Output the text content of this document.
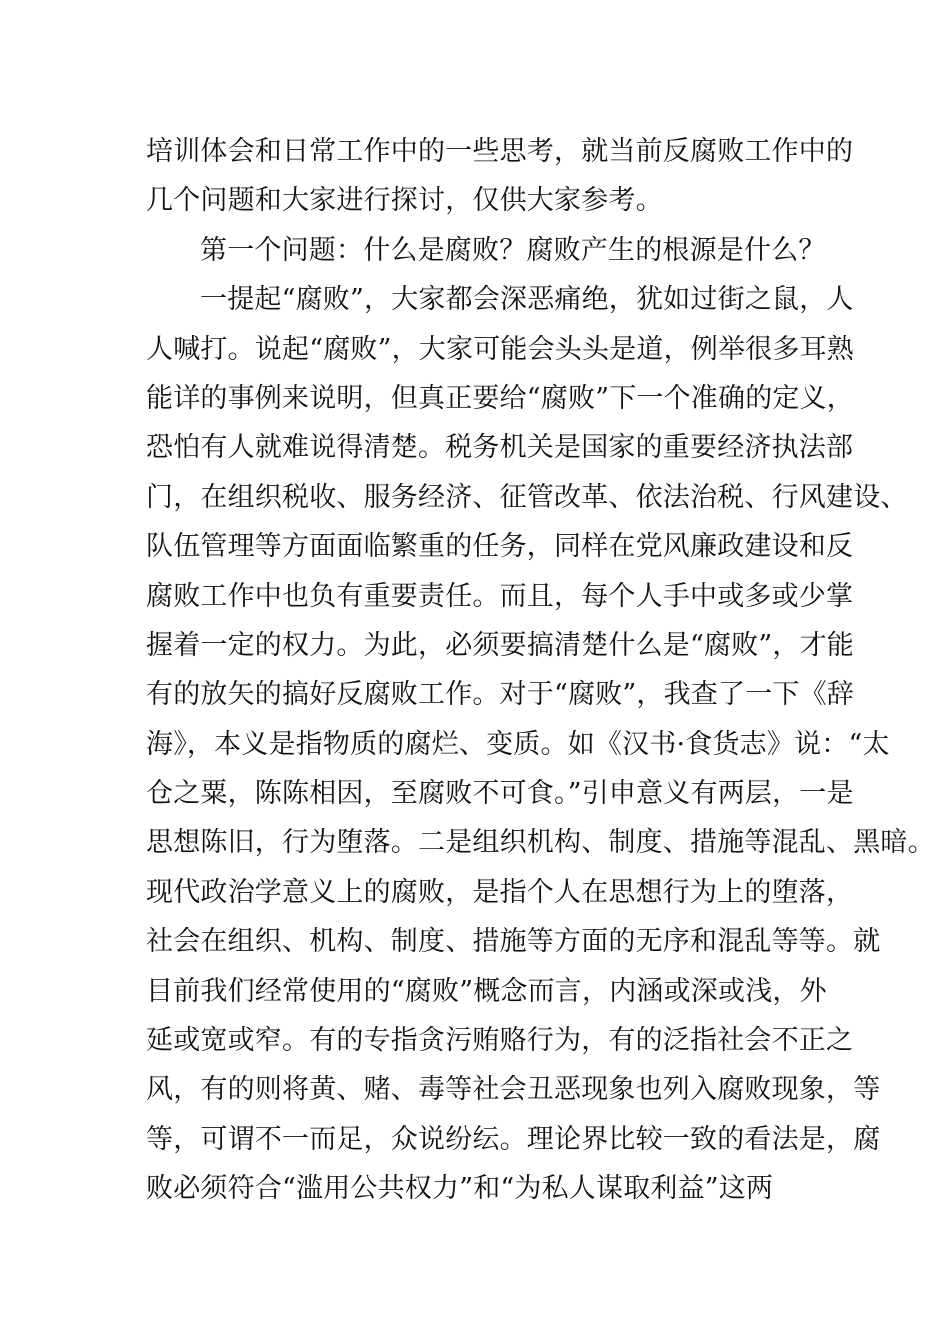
培训体会和日常工作中的一些思考，就当前反腐败工作中的
几个问题和大家进行探讨，仅供大家参考。
第一个问题：什么是腐败？腐败产生的根源是什么？
一提起“腐败”，大家都会深恶痛绝，犹如过街之鼠，人
人喊打。说起“腐败”，大家可能会头头是道，例举很多耳熟
能详的事例来说明，但真正要给“腐败”下一个准确的定义，
恐怕有人就难说得清楚。税务机关是国家的重要经济执法部
门，在组织税收、服务经济、征管改革、依法治税、行风建设、
队伍管理等方面面临繁重的任务，同样在党风廉政建设和反
腐败工作中也负有重要责任。而且，每个人手中或多或少掌
握着一定的权力。为此，必须要搞清楚什么是“腐败”，才能
有的放矢的搞好反腐败工作。对于“腐败”，我查了一下《辞
海》，本义是指物质的腐烂、变质。如《汉书·食货志》说：“太
仓之粟，陈陈相因，至腐败不可食。”引申意义有两层，一是
思想陈旧，行为堕落。二是组织机构、制度、措施等混乱、黑暗。
现代政治学意义上的腐败，是指个人在思想行为上的堕落，
社会在组织、机构、制度、措施等方面的无序和混乱等等。就
目前我们经常使用的“腐败”概念而言，内涵或深或浅，外
延或宽或窄。有的专指贪污贿赂行为，有的泛指社会不正之
风，有的则将黄、赌、毒等社会丑恶现象也列入腐败现象，等
等，可谓不一而足，众说纷纭。理论界比较一致的看法是，腐
败必须符合“滥用公共权力”和“为私人谋取利益”这两
